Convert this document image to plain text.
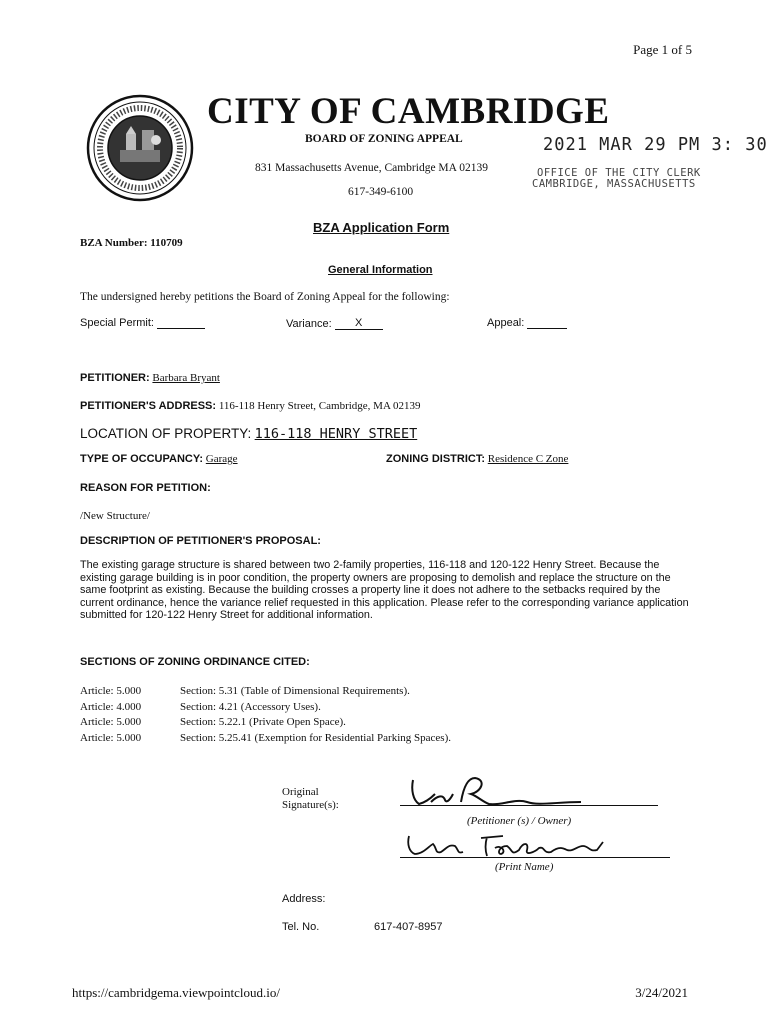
Page 1 of 5
CITY OF CAMBRIDGE
BOARD OF ZONING APPEAL
831 Massachusetts Avenue, Cambridge MA 02139
617-349-6100
2021 MAR 29 PM 3: 30
OFFICE OF THE CITY CLERK
CAMBRIDGE, MASSACHUSETTS
BZA Application Form
BZA Number: 110709
General Information
The undersigned hereby petitions the Board of Zoning Appeal for the following:
Special Permit:	Variance: X	Appeal:
PETITIONER: Barbara Bryant
PETITIONER'S ADDRESS: 116-118 Henry Street, Cambridge, MA 02139
LOCATION OF PROPERTY: 116-118 HENRY STREET
TYPE OF OCCUPANCY: Garage	ZONING DISTRICT: Residence C Zone
REASON FOR PETITION:
/New Structure/
DESCRIPTION OF PETITIONER'S PROPOSAL:
The existing garage structure is shared between two 2-family properties, 116-118 and 120-122 Henry Street. Because the existing garage building is in poor condition, the property owners are proposing to demolish and replace the structure on the same footprint as existing. Because the building crosses a property line it does not adhere to the setbacks required by the current ordinance, hence the variance relief requested in this application. Please refer to the corresponding variance application submitted for 120-122 Henry Street for additional information.
SECTIONS OF ZONING ORDINANCE CITED:
Article: 5.000	Section: 5.31 (Table of Dimensional Requirements).
Article: 4.000	Section: 4.21 (Accessory Uses).
Article: 5.000	Section: 5.22.1 (Private Open Space).
Article: 5.000	Section: 5.25.41 (Exemption for Residential Parking Spaces).
Original
Signature(s):
(Petitioner (s) / Owner)
(Print Name)
Address:
Tel. No.	617-407-8957
https://cambridgema.viewpointcloud.io/	3/24/2021
